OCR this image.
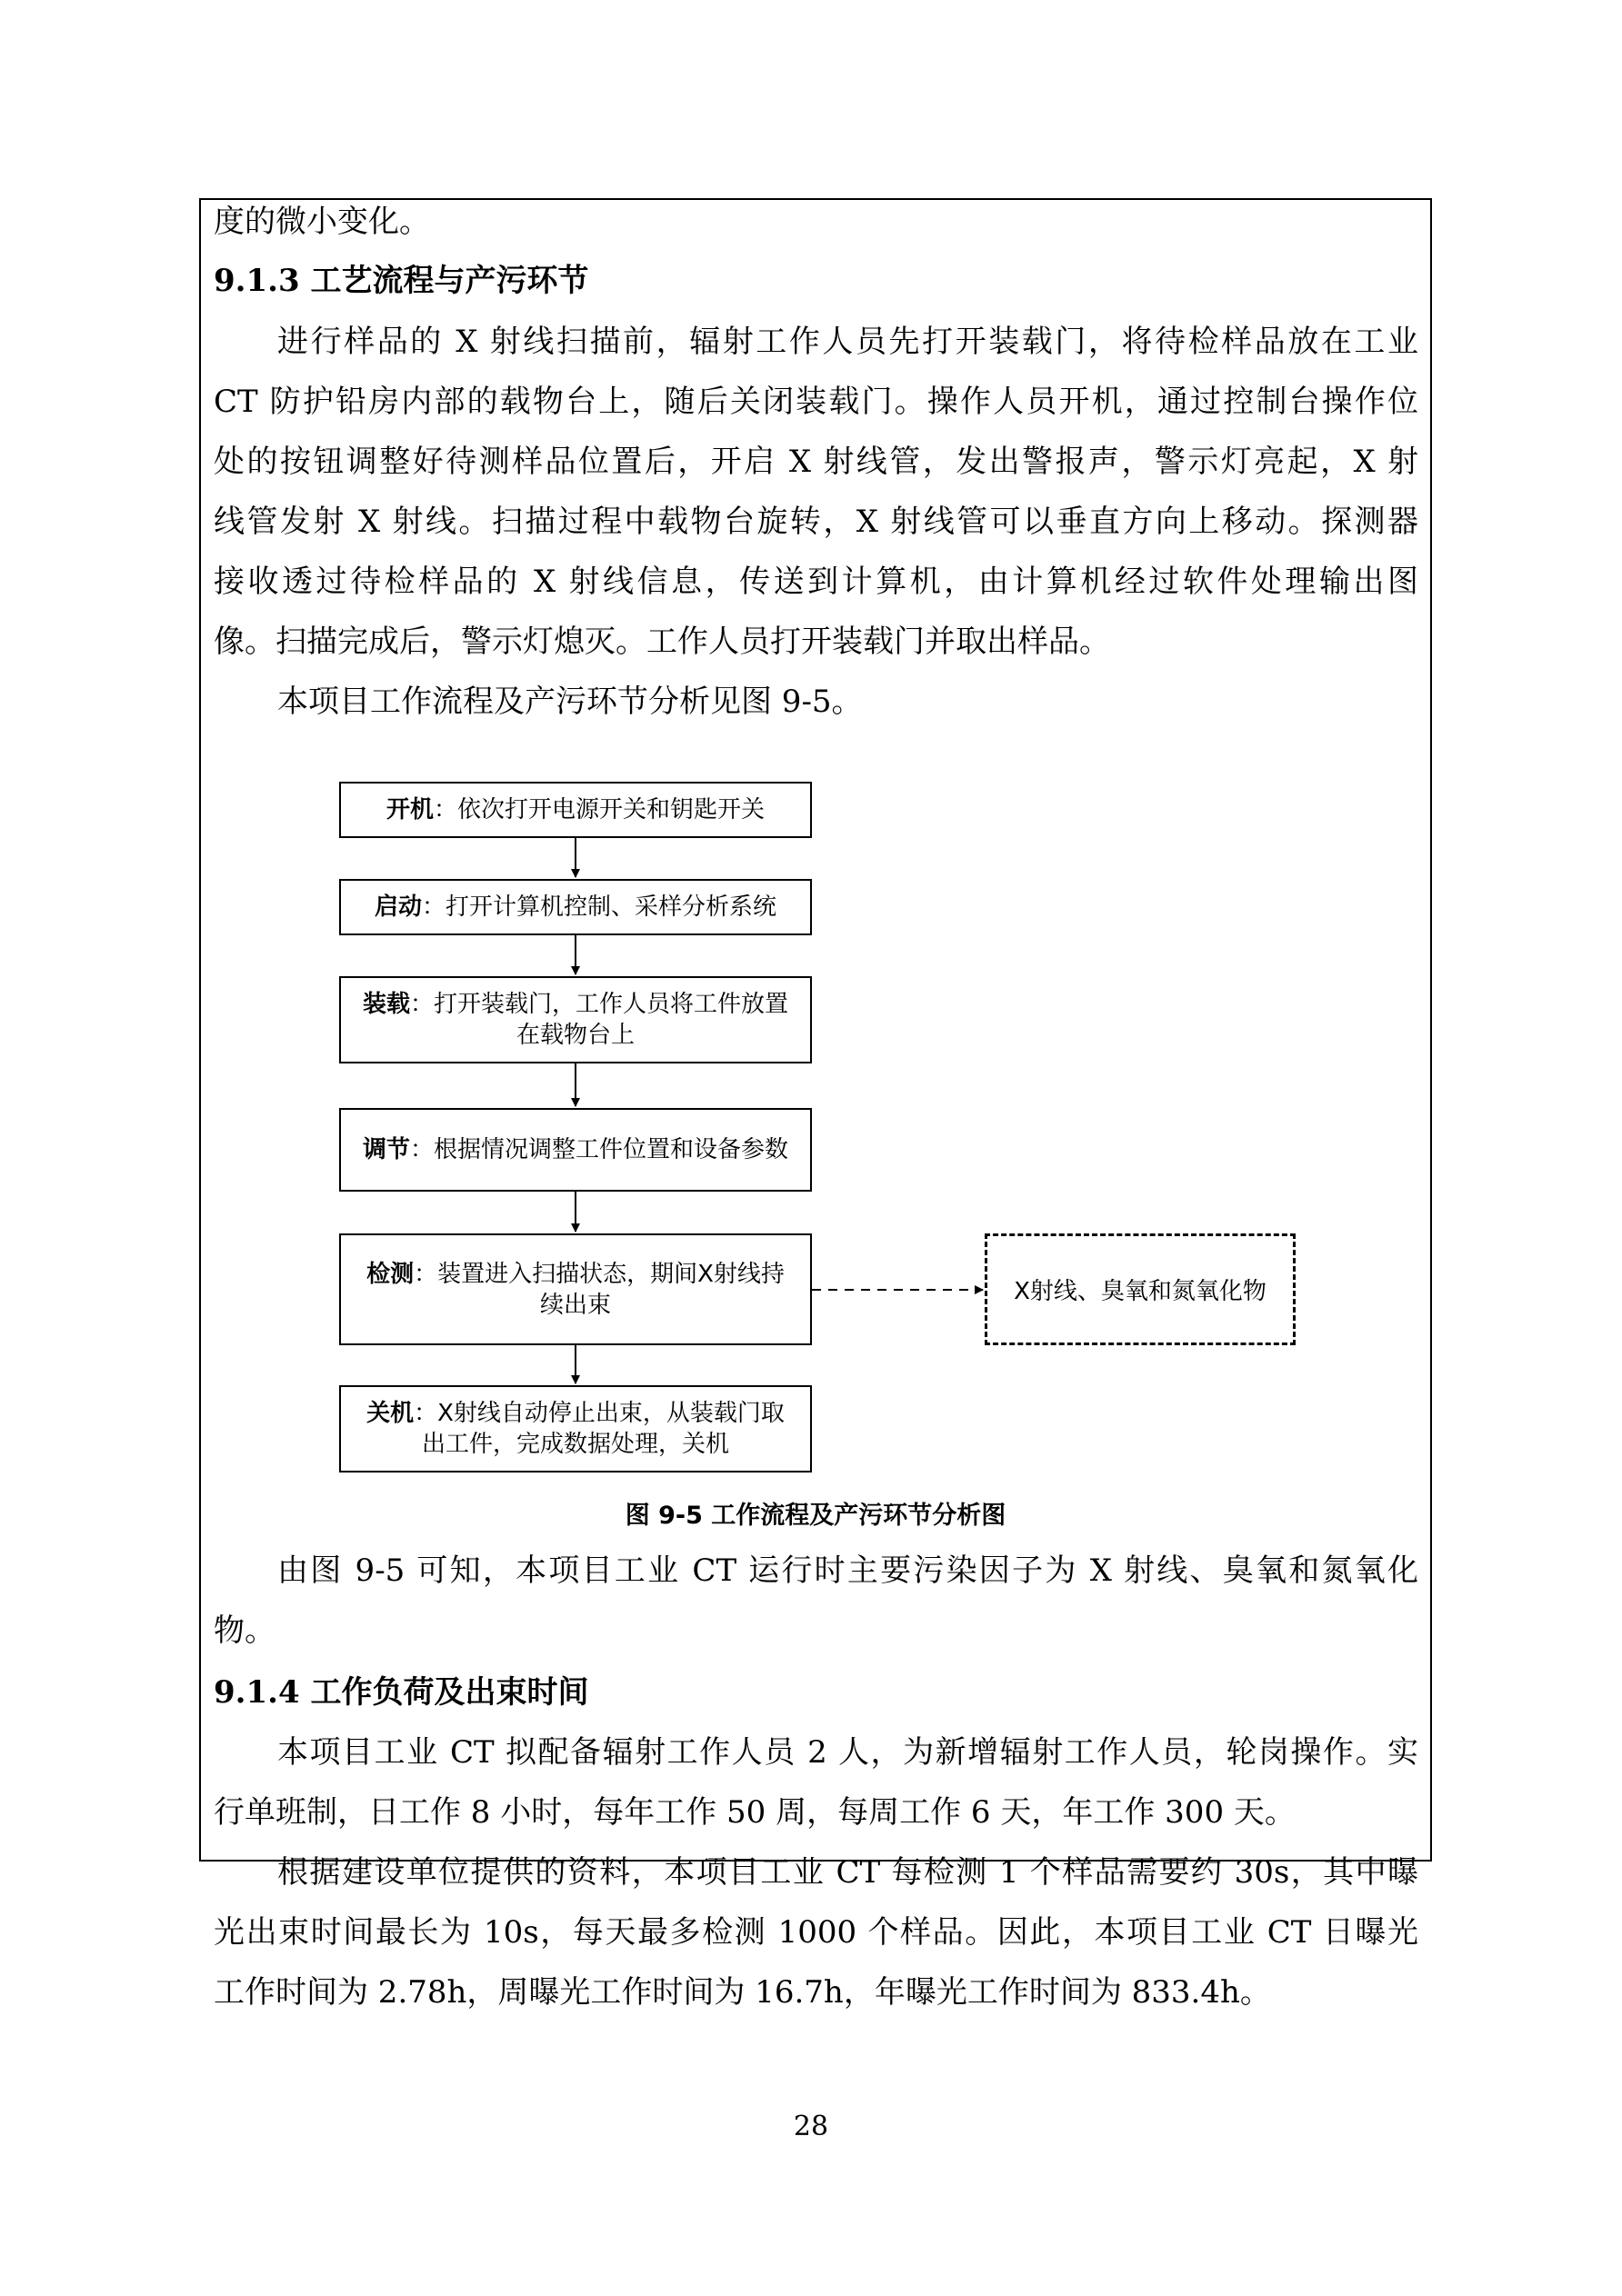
度的微小变化。
9.1.3 工艺流程与产污环节
进行样品的 X 射线扫描前，辐射工作人员先打开装载门，将待检样品放在工业
CT 防护铅房内部的载物台上，随后关闭装载门。操作人员开机，通过控制台操作位
处的按钮调整好待测样品位置后，开启 X 射线管，发出警报声，警示灯亮起，X 射
线管发射 X 射线。扫描过程中载物台旋转，X 射线管可以垂直方向上移动。探测器
接收透过待检样品的 X 射线信息，传送到计算机，由计算机经过软件处理输出图
像。扫描完成后，警示灯熄灭。工作人员打开装载门并取出样品。
本项目工作流程及产污环节分析见图 9-5。
开机：依次打开电源开关和钥匙开关
启动：打开计算机控制、采样分析系统
装载：打开装载门，工作人员将工件放置
在载物台上
调节：根据情况调整工件位置和设备参数
检测：装置进入扫描状态，期间X射线持
续出束
关机：X射线自动停止出束，从装载门取
出工件，完成数据处理，关机
X射线、臭氧和氮氧化物
图 9-5 工作流程及产污环节分析图
由图 9-5 可知，本项目工业 CT 运行时主要污染因子为 X 射线、臭氧和氮氧化
物。
9.1.4 工作负荷及出束时间
本项目工业 CT 拟配备辐射工作人员 2 人，为新增辐射工作人员，轮岗操作。实
行单班制，日工作 8 小时，每年工作 50 周，每周工作 6 天，年工作 300 天。
根据建设单位提供的资料，本项目工业 CT 每检测 1 个样品需要约 30s，其中曝
光出束时间最长为 10s，每天最多检测 1000 个样品。因此，本项目工业 CT 日曝光
工作时间为 2.78h，周曝光工作时间为 16.7h，年曝光工作时间为 833.4h。
28
